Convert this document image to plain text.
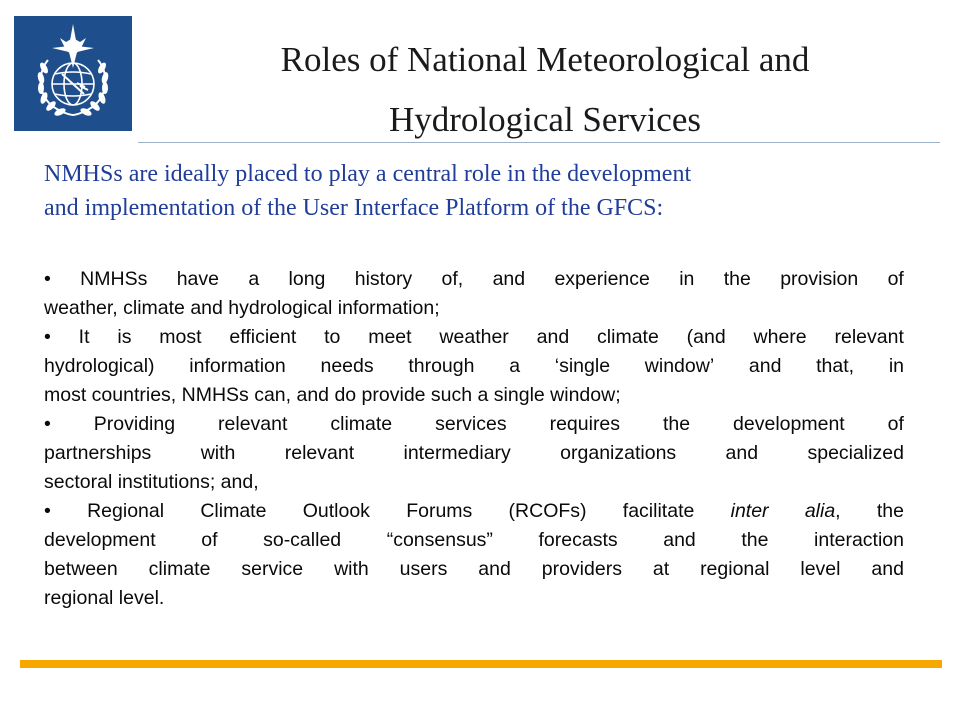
Roles of National Meteorological and
Hydrological Services

NMHSs are ideally placed to play a central role in the development
and implementation of the User Interface Platform of the GFCS:

• NMHSs have a long history of, and experience in the provision of
weather, climate and hydrological information;
• It is most efficient to meet weather and climate (and where relevant
hydrological) information needs through a ‘single window’ and that, in
most countries, NMHSs can, and do provide such a single window;
• Providing relevant climate services requires the development of
partnerships	with	relevant	intermediary	organizations	and	specialized
sectoral institutions; and,
• Regional Climate Outlook Forums (RCOFs) facilitate inter alia, the
development of so-called “consensus” forecasts and the interaction
between climate service with users and providers at regional level and
regional level.
